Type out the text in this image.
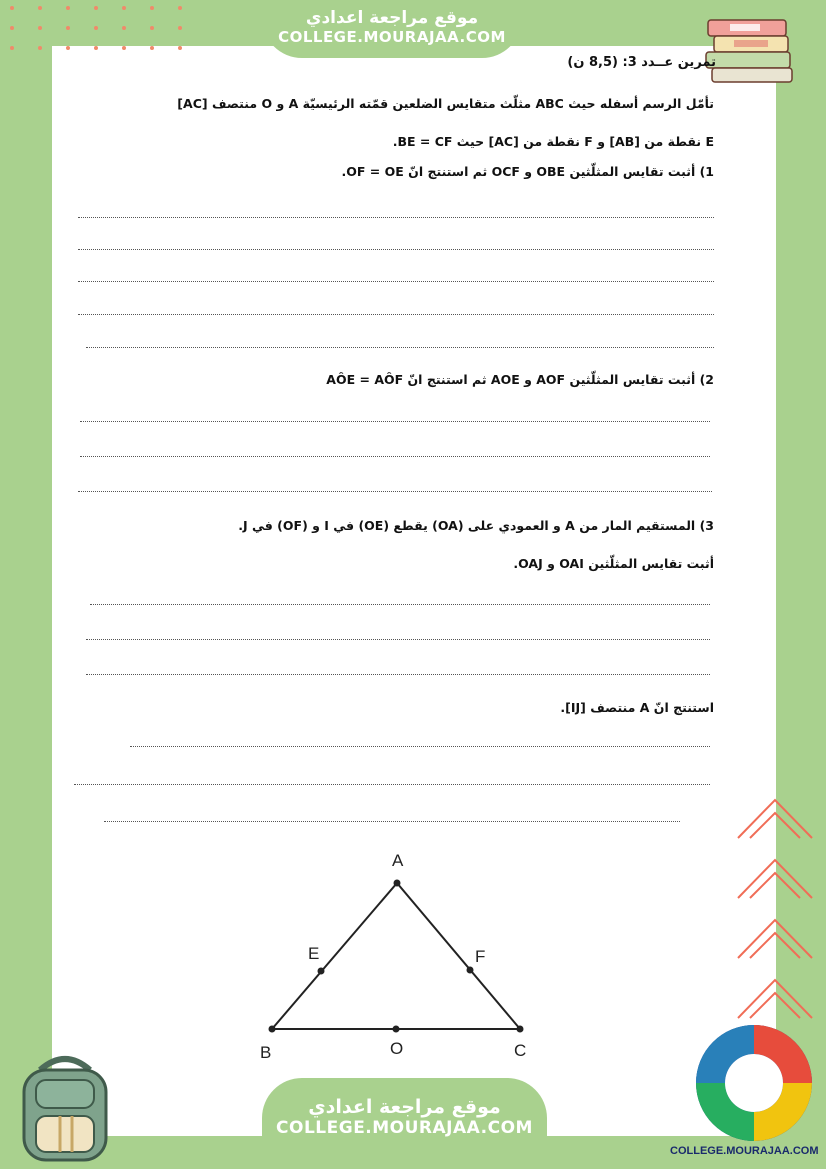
موقع مراجعة اعدادي
COLLEGE.MOURAJAA.COM
تمرين عــدد 3: (8,5 ن)
تأمّل الرسم أسفله حيث ABC مثلّث متقايس الضلعين قمّته الرئيسيّة A و O منتصف [AC]
E نقطة من [AB] و F نقطة من [AC] حيث BE = CF.
1) أثبت تقايس المثلّثين OBE و OCF ثم استنتج انّ OF = OE.
2) أثبت تقايس المثلّثين AOF و AOE ثم استنتج انّ AÔE = AÔF
3) المستقيم المار من A و العمودي على (OA) يقطع (OE) في I و (OF) في J.
أثبت تقايس المثلّثين OAI و OAJ.
استنتج انّ A منتصف [IJ].
A
B	C
O
E	F
موقع مراجعة اعدادي
COLLEGE.MOURAJAA.COM
COLLEGE.MOURAJAA.COM
